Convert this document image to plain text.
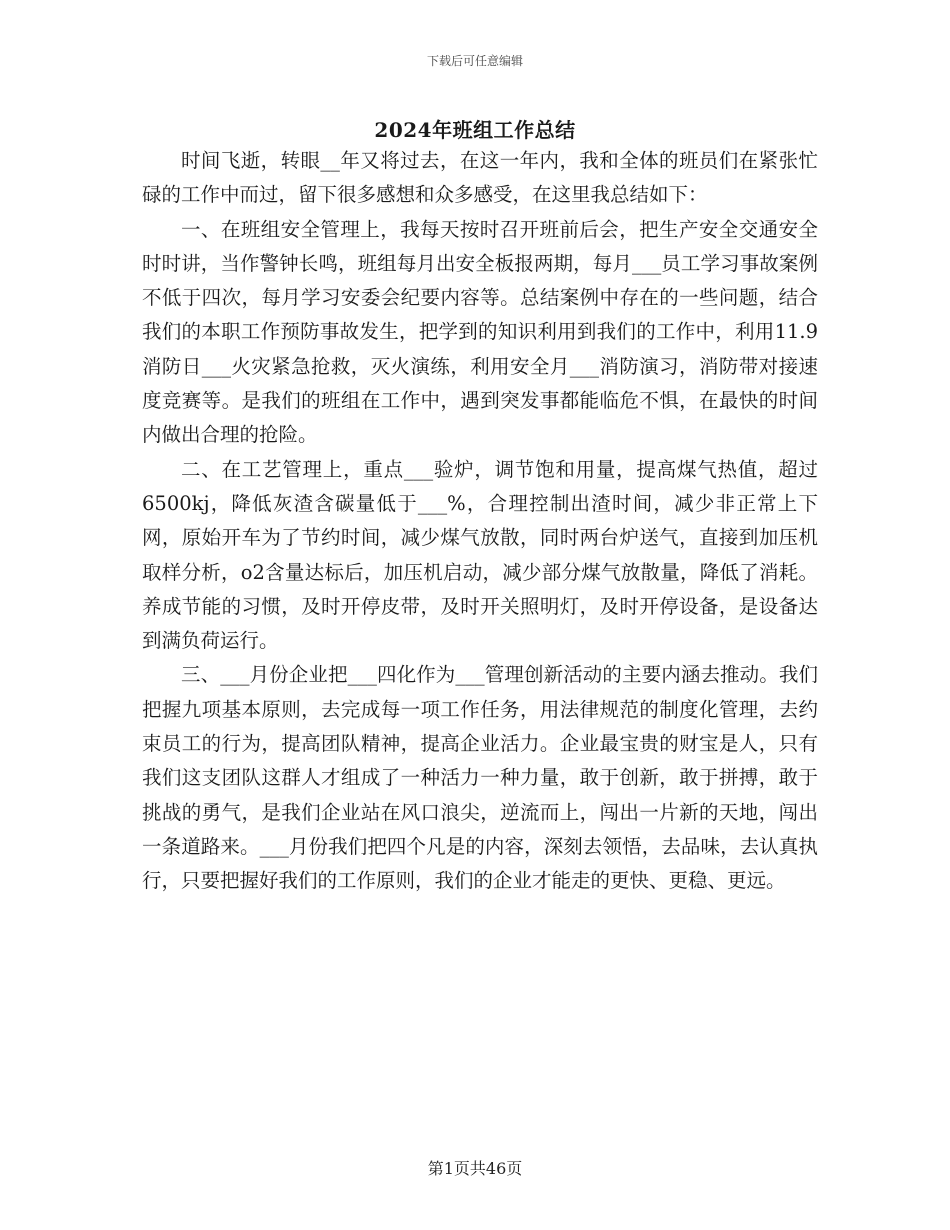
下载后可任意编辑
2024年班组工作总结

时间飞逝，转眼__年又将过去，在这一年内，我和全体的班员们在紧张忙碌的工作中而过，留下很多感想和众多感受，在这里我总结如下：

一、在班组安全管理上，我每天按时召开班前后会，把生产安全交通安全时时讲，当作警钟长鸣，班组每月出安全板报两期，每月___员工学习事故案例不低于四次，每月学习安委会纪要内容等。总结案例中存在的一些问题，结合我们的本职工作预防事故发生，把学到的知识利用到我们的工作中，利用11.9消防日___火灾紧急抢救，灭火演练，利用安全月___消防演习，消防带对接速度竞赛等。是我们的班组在工作中，遇到突发事都能临危不惧，在最快的时间内做出合理的抢险。

二、在工艺管理上，重点___验炉，调节饱和用量，提高煤气热值，超过6500kj，降低灰渣含碳量低于___%，合理控制出渣时间，减少非正常上下网，原始开车为了节约时间，减少煤气放散，同时两台炉送气，直接到加压机取样分析，o2含量达标后，加压机启动，减少部分煤气放散量，降低了消耗。养成节能的习惯，及时开停皮带，及时开关照明灯，及时开停设备，是设备达到满负荷运行。

三、___月份企业把___四化作为___管理创新活动的主要内涵去推动。我们把握九项基本原则，去完成每一项工作任务，用法律规范的制度化管理，去约束员工的行为，提高团队精神，提高企业活力。企业最宝贵的财宝是人，只有我们这支团队这群人才组成了一种活力一种力量，敢于创新，敢于拼搏，敢于挑战的勇气，是我们企业站在风口浪尖，逆流而上，闯出一片新的天地，闯出一条道路来。___月份我们把四个凡是的内容，深刻去领悟，去品味，去认真执行，只要把握好我们的工作原则，我们的企业才能走的更快、更稳、更远。

第1页共46页
